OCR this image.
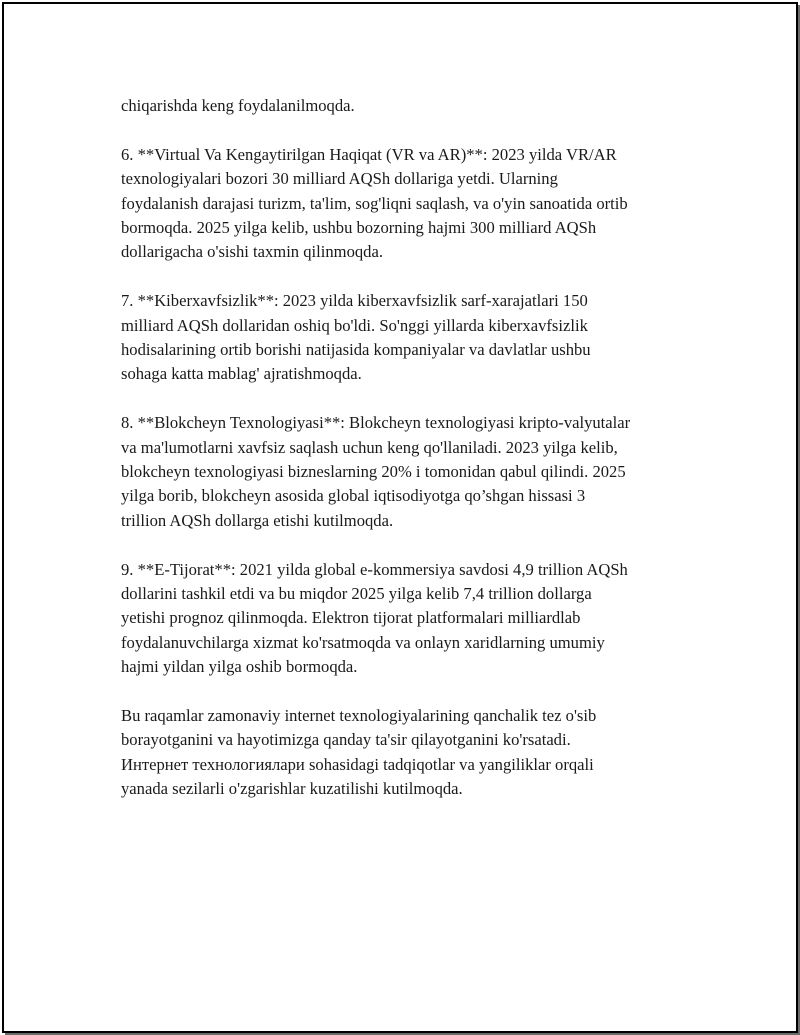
chiqarishda keng foydalanilmoqda.

6. **Virtual Va Kengaytirilgan Haqiqat (VR va AR)**: 2023 yilda VR/AR
texnologiyalari bozori 30 milliard AQSh dollariga yetdi. Ularning
foydalanish darajasi turizm, ta'lim, sog'liqni saqlash, va o'yin sanoatida ortib
bormoqda. 2025 yilga kelib, ushbu bozorning hajmi 300 milliard AQSh
dollarigacha o'sishi taxmin qilinmoqda.

7. **Kiberxavfsizlik**: 2023 yilda kiberxavfsizlik sarf-xarajatlari 150
milliard AQSh dollaridan oshiq bo'ldi. So'nggi yillarda kiberxavfsizlik
hodisalarining ortib borishi natijasida kompaniyalar va davlatlar ushbu
sohaga katta mablag' ajratishmoqda.

8. **Blokcheyn Texnologiyasi**: Blokcheyn texnologiyasi kripto-valyutalar
va ma'lumotlarni xavfsiz saqlash uchun keng qo'llaniladi. 2023 yilga kelib,
blokcheyn texnologiyasi bizneslarning 20% i tomonidan qabul qilindi. 2025
yilga borib, blokcheyn asosida global iqtisodiyotga qo’shgan hissasi 3
trillion AQSh dollarga etishi kutilmoqda.

9. **E-Tijorat**: 2021 yilda global e-kommersiya savdosi 4,9 trillion AQSh
dollarini tashkil etdi va bu miqdor 2025 yilga kelib 7,4 trillion dollarga
yetishi prognoz qilinmoqda. Elektron tijorat platformalari milliardlab
foydalanuvchilarga xizmat ko'rsatmoqda va onlayn xaridlarning umumiy
hajmi yildan yilga oshib bormoqda.

Bu raqamlar zamonaviy internet texnologiyalarining qanchalik tez o'sib
borayotganini va hayotimizga qanday ta'sir qilayotganini ko'rsatadi.
Интернет технологиялари sohasidagi tadqiqotlar va yangiliklar orqali
yanada sezilarli o'zgarishlar kuzatilishi kutilmoqda.
